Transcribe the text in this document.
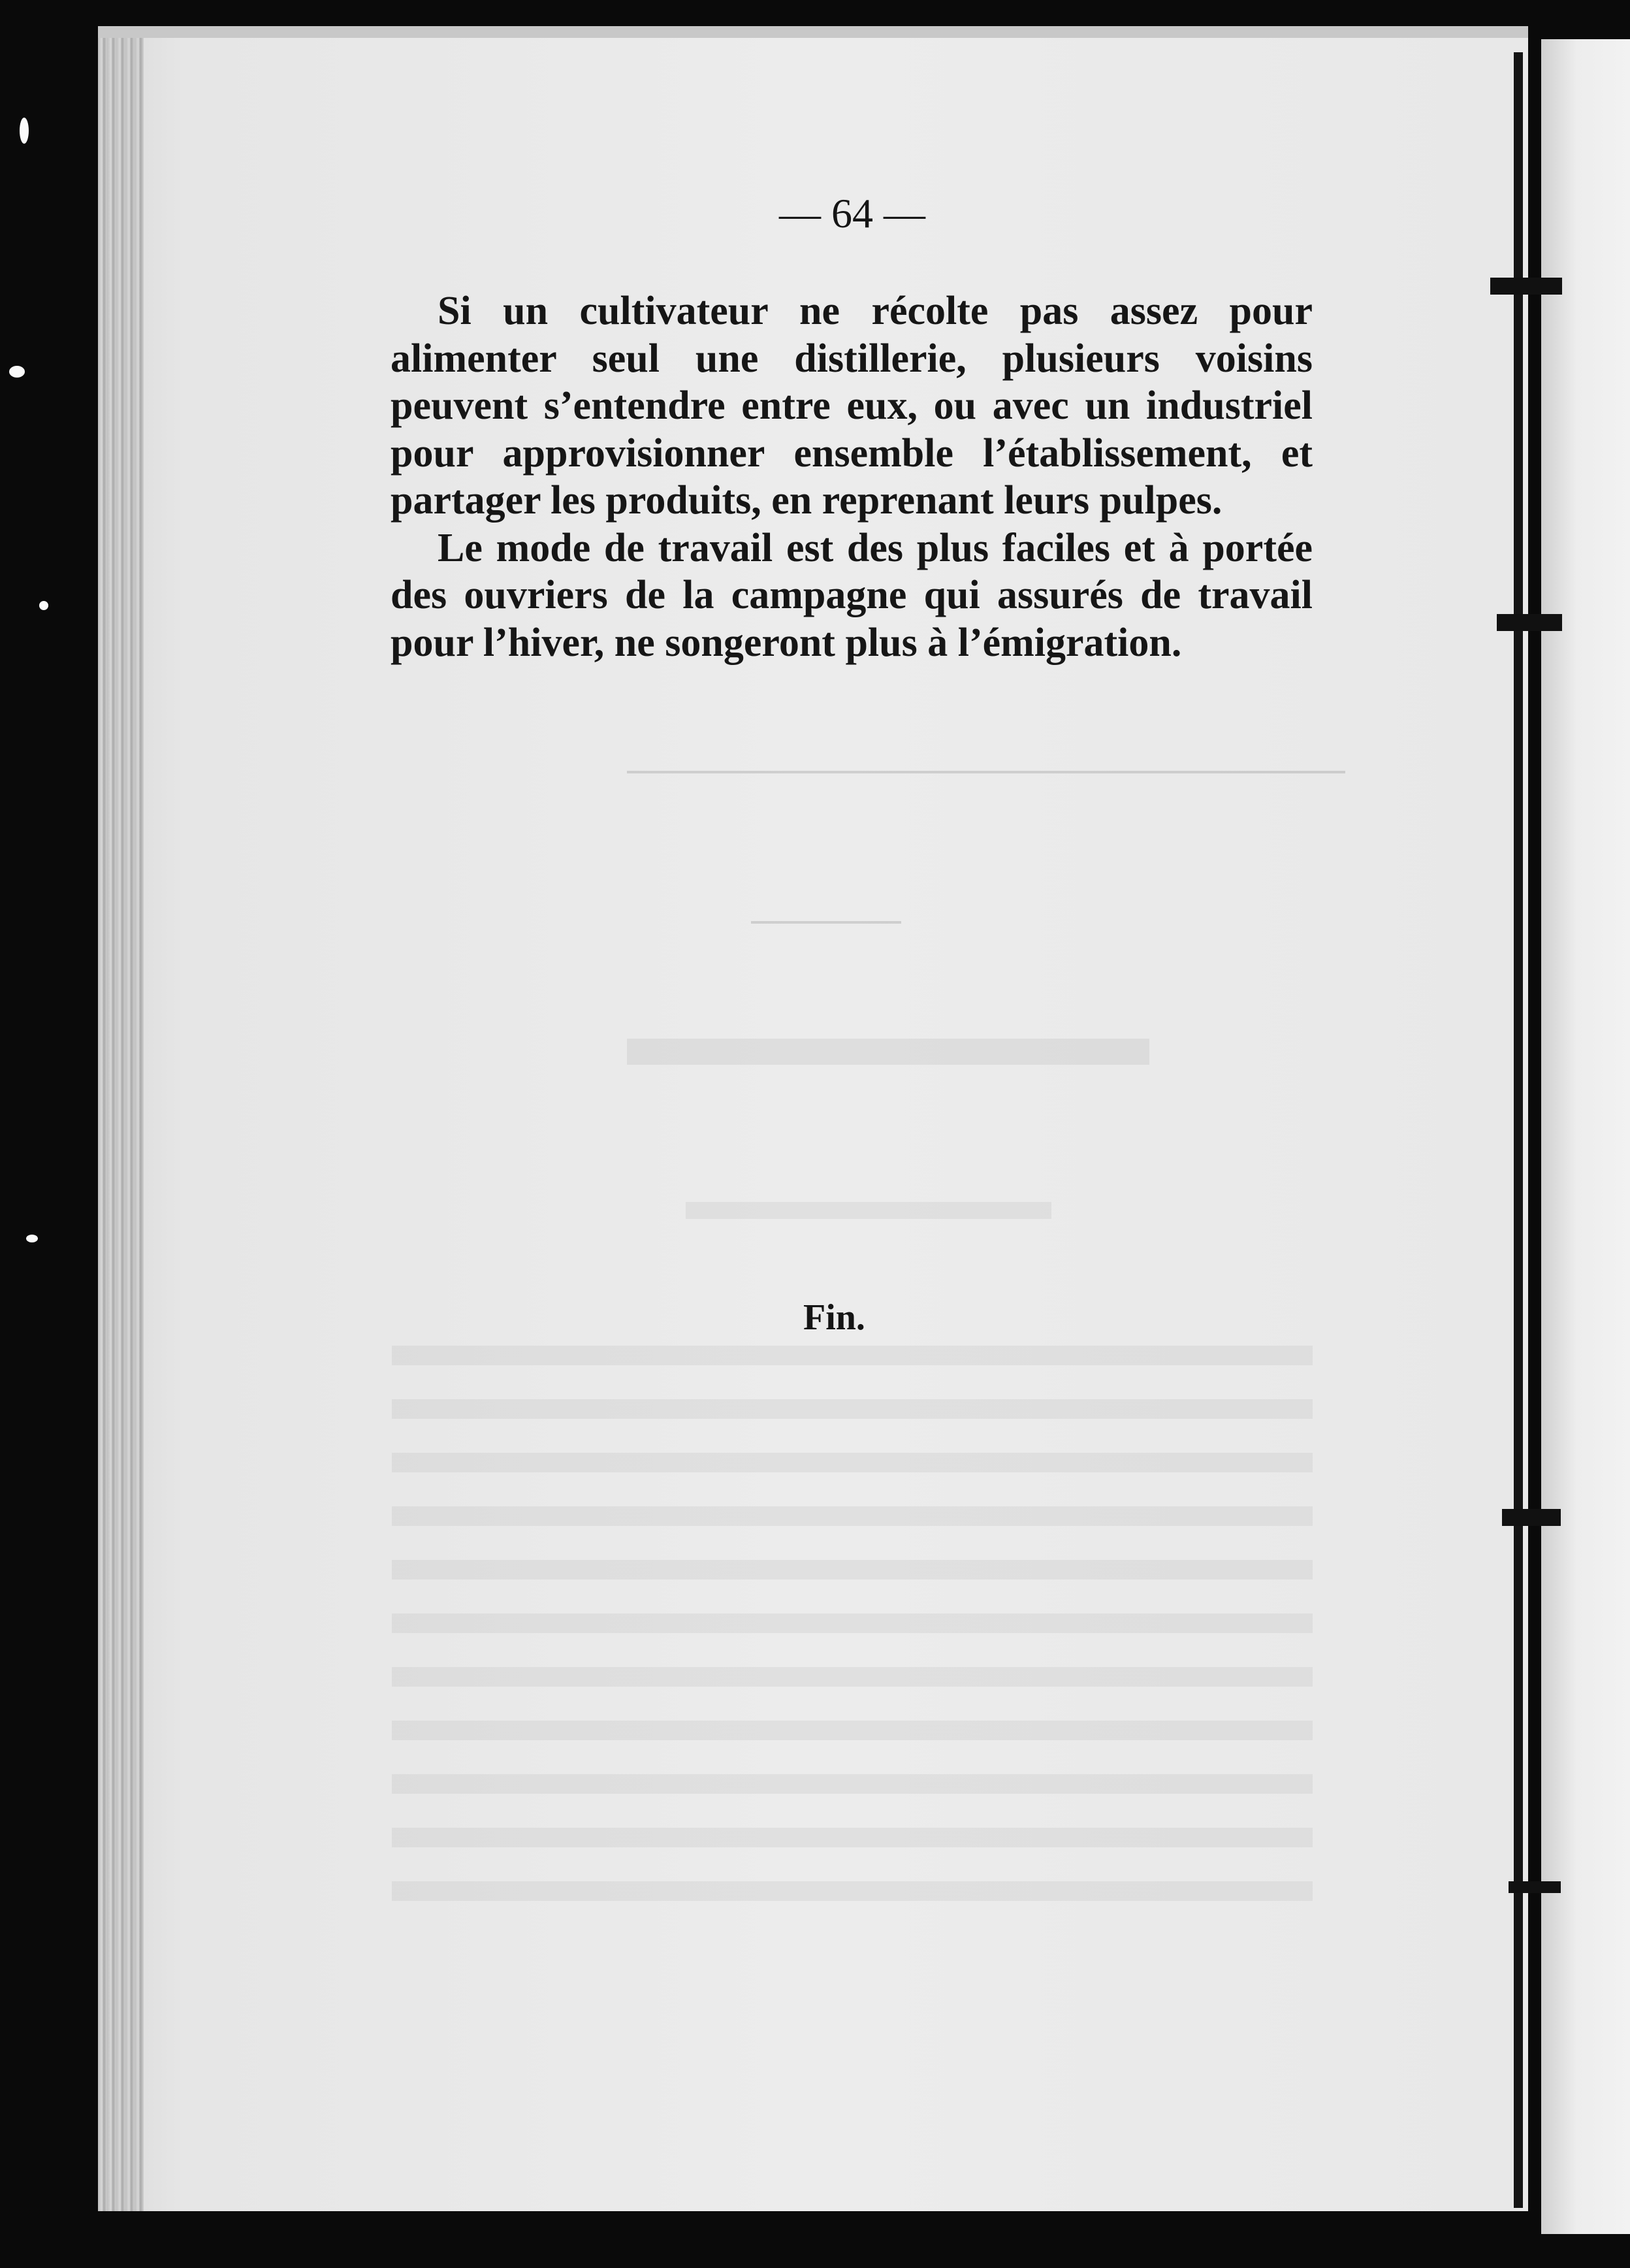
— 64 —

Si un cultivateur ne récolte pas assez pour alimenter seul une distillerie, plusieurs voisins peuvent s’entendre entre eux, ou avec un industriel pour approvisionner ensemble l’établissement, et partager les produits, en reprenant leurs pulpes.

Le mode de travail est des plus faciles et à portée des ouvriers de la campagne qui assurés de travail pour l’hiver, ne songeront plus à l’émigration.

Fin.
